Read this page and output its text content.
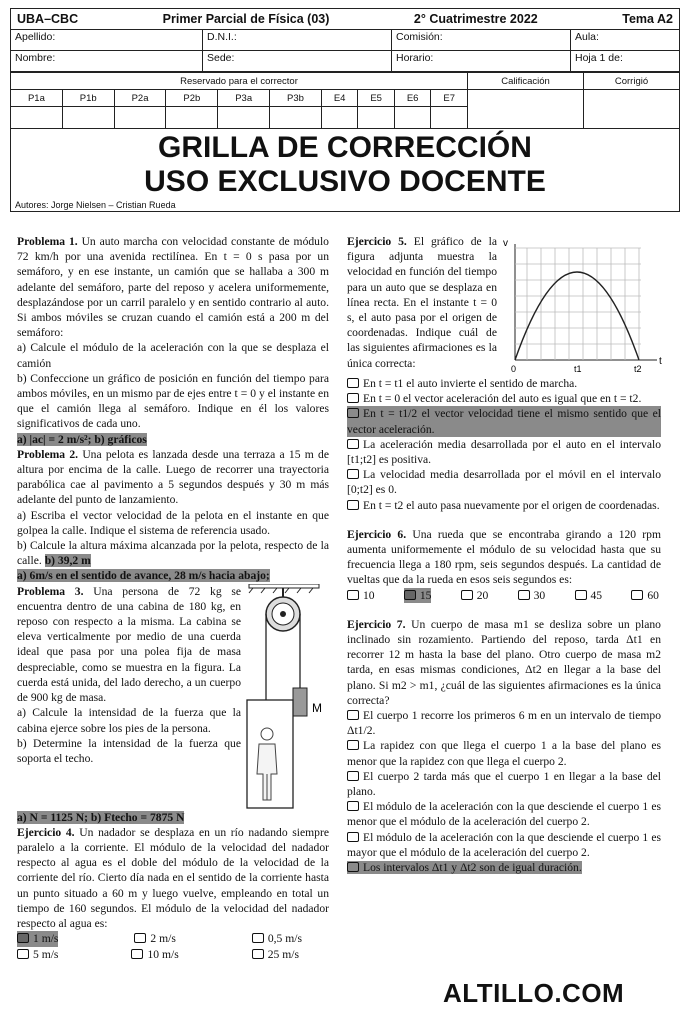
UBA–CBC	Primer Parcial de Física (03)	2° Cuatrimestre 2022	Tema A2
Apellido:	D.N.I.:	Comisión:	Aula:
Nombre:	Sede:	Horario:	Hoja 1 de:
Reservado para el corrector										Calificación	Corrigió
P1a	P1b	P2a	P2b	P3a	P3b	E4	E5	E6	E7		

GRILLA DE CORRECCIÓN
USO EXCLUSIVO DOCENTE
Autores: Jorge Nielsen – Cristian Rueda

Problema 1. Un auto marcha con velocidad constante de módulo 72 km/h por una avenida rectilínea. En t = 0 s pasa por un semáforo, y en ese instante, un camión que se hallaba a 300 m adelante del semáforo, parte del reposo y acelera uniformemente, desplazándose por un carril paralelo y en sentido contrario al auto. Si ambos móviles se cruzan cuando el camión está a 200 m del semáforo:

a) Calcule el módulo de la aceleración con la que se desplaza el camión

b) Confeccione un gráfico de posición en función del tiempo para ambos móviles, en un mismo par de ejes entre t = 0 y el instante en que el camión llega al semáforo. Indique en él los valores significativos de cada uno.

a) |ac| = 2 m/s²; b) gráficos

Problema 2. Una pelota es lanzada desde una terraza a 15 m de altura por encima de la calle. Luego de recorrer una trayectoria parabólica cae al pavimento a 5 segundos después y 30 m más adelante del punto de lanzamiento.

a) Escriba el vector velocidad de la pelota en el instante en que golpea la calle. Indique el sistema de referencia usado.

b) Calcule la altura máxima alcanzada por la pelota, respecto de la calle. b) 39,2 m

a) 6m/s en el sentido de avance, 28 m/s hacia abajo;

M

Problema 3. Una persona de 72 kg se encuentra dentro de una cabina de 180 kg, en reposo con respecto a la misma. La cabina se eleva verticalmente por medio de una cuerda ideal que pasa por una polea fija de masa despreciable, como se muestra en la figura. La cuerda está unida, del lado derecho, a un cuerpo de 900 kg de masa.

a) Calcule la intensidad de la fuerza que la cabina ejerce sobre los pies de la persona.

b) Determine la intensidad de la fuerza que soporta el techo.

a) N = 1125 N; b) Ftecho = 7875 N

Ejercicio 4. Un nadador se desplaza en un río nadando siempre paralelo a la corriente. El módulo de la velocidad del nadador respecto al agua es el doble del módulo de la velocidad de la corriente del río. Cierto día nada en el sentido de la corriente hasta un punto situado a 60 m y luego vuelve, empleando en total un tiempo de 160 segundos. El módulo de la velocidad del nadador respecto al agua es:

1 m/s	2 m/s	0,5 m/s
5 m/s	10 m/s	25 m/s
v
t
0	t1	t2

Ejercicio 5. El gráfico de la figura adjunta muestra la velocidad en función del tiempo para un auto que se desplaza en línea recta. En el instante t = 0 s, el auto pasa por el origen de coordenadas. Indique cuál de las siguientes afirmaciones es la única correcta:

En t = t1 el auto invierte el sentido de marcha.

En t = 0 el vector aceleración del auto es igual que en t = t2.

En t = t1/2 el vector velocidad tiene el mismo sentido que el vector aceleración.

La aceleración media desarrollada por el auto en el intervalo [t1;t2] es positiva.

La velocidad media desarrollada por el móvil en el intervalo [0;t2] es 0.

En t = t2 el auto pasa nuevamente por el origen de coordenadas.

Ejercicio 6. Una rueda que se encontraba girando a 120 rpm aumenta uniformemente el módulo de su velocidad hasta que su frecuencia llega a 180 rpm, seis segundos después. La cantidad de vueltas que da la rueda en esos seis segundos es:

10	15	20	30	45	60

Ejercicio 7. Un cuerpo de masa m1 se desliza sobre un plano inclinado sin rozamiento. Partiendo del reposo, tarda Δt1 en recorrer 12 m hasta la base del plano. Otro cuerpo de masa m2 tarda, en esas mismas condiciones, Δt2 en llegar a la base del plano. Si m2 > m1, ¿cuál de las siguientes afirmaciones es la única correcta?

El cuerpo 1 recorre los primeros 6 m en un intervalo de tiempo Δt1/2.

La rapidez con que llega el cuerpo 1 a la base del plano es menor que la rapidez con que llega el cuerpo 2.

El cuerpo 2 tarda más que el cuerpo 1 en llegar a la base del plano.

El módulo de la aceleración con la que desciende el cuerpo 1 es menor que el módulo de la aceleración del cuerpo 2.

El módulo de la aceleración con la que desciende el cuerpo 1 es mayor que el módulo de la aceleración del cuerpo 2.

Los intervalos Δt1 y Δt2 son de igual duración.

ALTILLO.COM
